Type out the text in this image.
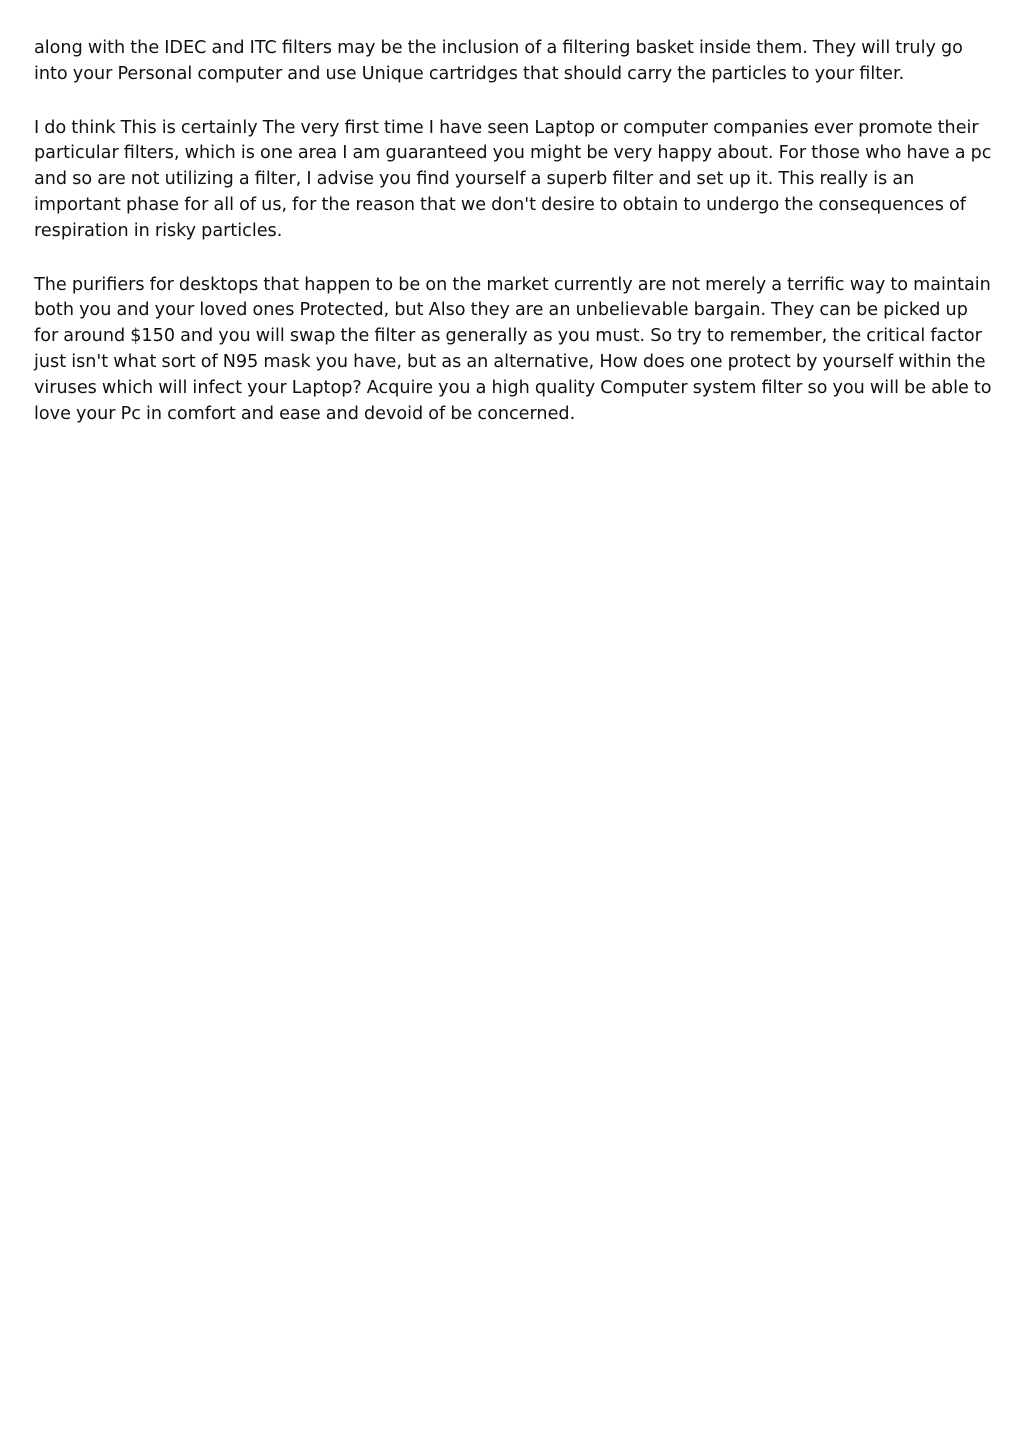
along with the IDEC and ITC filters may be the inclusion of a filtering basket inside them. They will truly go into your Personal computer and use Unique cartridges that should carry the particles to your filter.

I do think This is certainly The very first time I have seen Laptop or computer companies ever promote their particular filters, which is one area I am guaranteed you might be very happy about. For those who have a pc and so are not utilizing a filter, I advise you find yourself a superb filter and set up it. This really is an important phase for all of us, for the reason that we don't desire to obtain to undergo the consequences of respiration in risky particles.

The purifiers for desktops that happen to be on the market currently are not merely a terrific way to maintain both you and your loved ones Protected, but Also they are an unbelievable bargain. They can be picked up for around $150 and you will swap the filter as generally as you must. So try to remember, the critical factor just isn't what sort of N95 mask you have, but as an alternative, How does one protect by yourself within the viruses which will infect your Laptop? Acquire you a high quality Computer system filter so you will be able to love your Pc in comfort and ease and devoid of be concerned.
